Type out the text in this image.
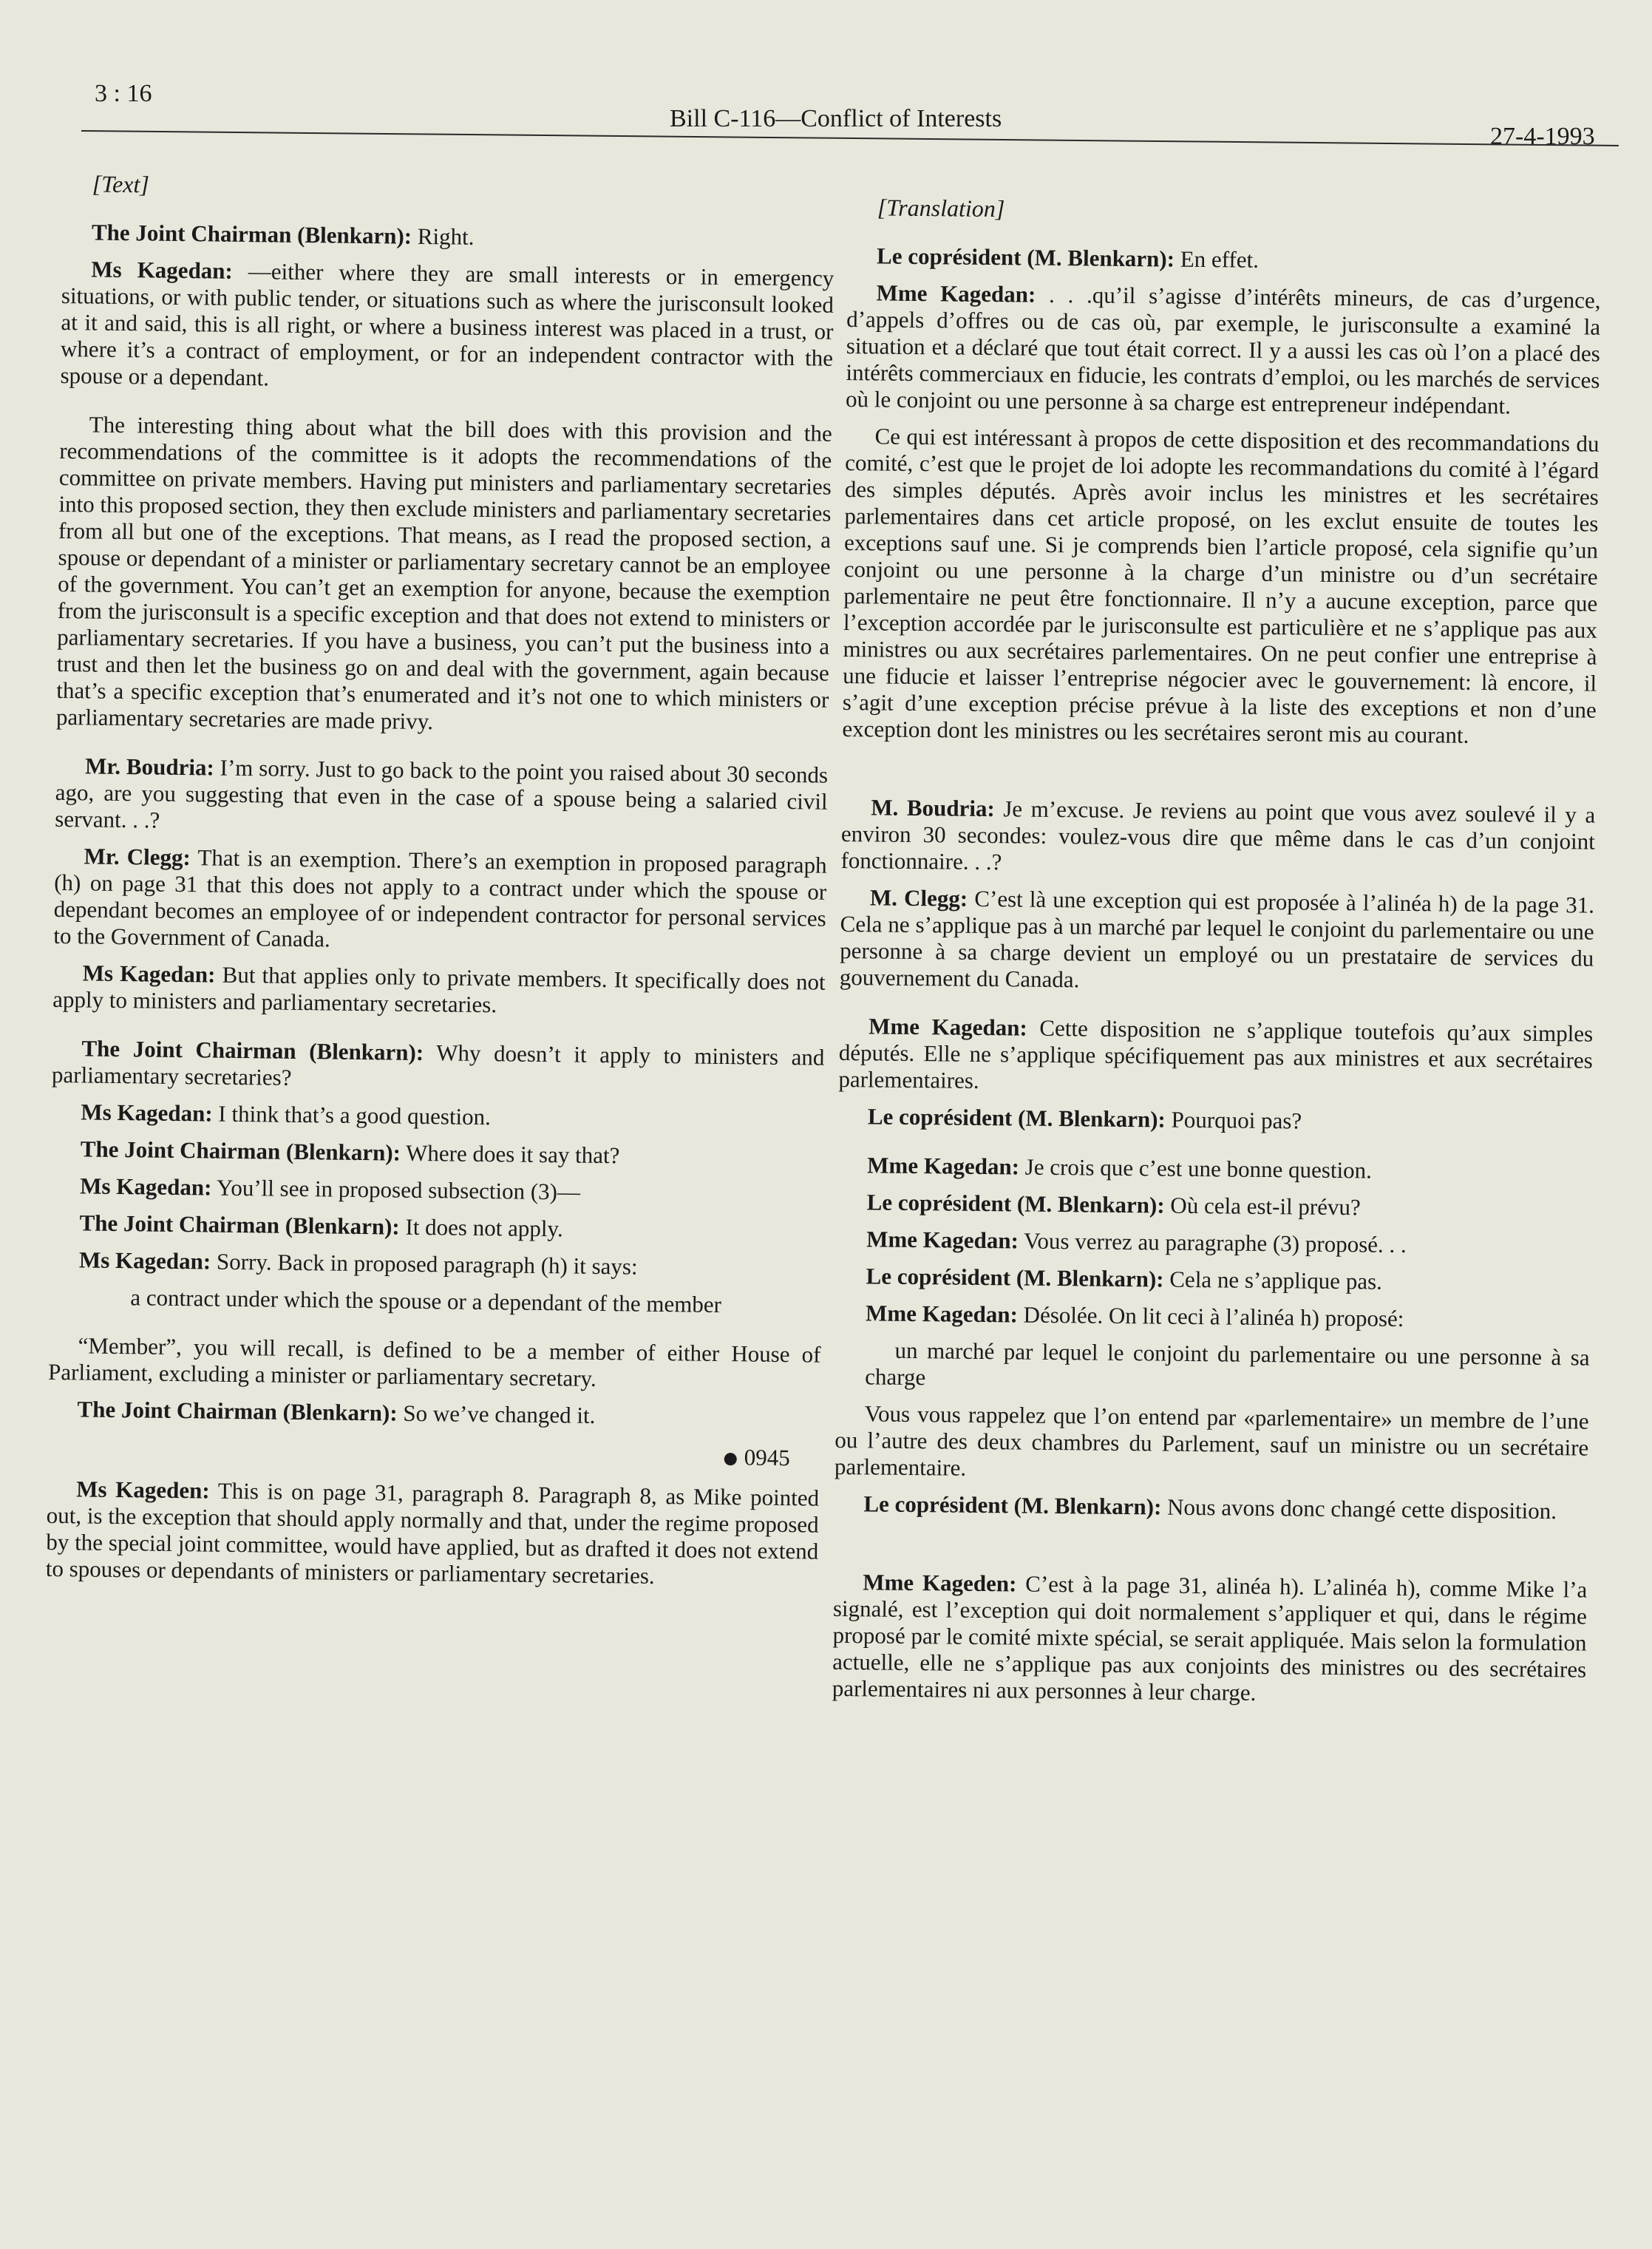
3 : 16
Bill C-116—Conflict of Interests
27-4-1993
[Text]

The Joint Chairman (Blenkarn): Right.

Ms Kagedan: —either where they are small interests or in emergency situations, or with public tender, or situations such as where the jurisconsult looked at it and said, this is all right, or where a business interest was placed in a trust, or where it’s a contract of employment, or for an independent contractor with the spouse or a dependant.

The interesting thing about what the bill does with this provision and the recommendations of the committee is it adopts the recommendations of the committee on private members. Having put ministers and parliamentary secretaries into this proposed section, they then exclude ministers and parliamentary secretaries from all but one of the exceptions. That means, as I read the proposed section, a spouse or dependant of a minister or parliamentary secretary cannot be an employee of the government. You can’t get an exemption for anyone, because the exemption from the jurisconsult is a specific exception and that does not extend to ministers or parliamentary secretaries. If you have a business, you can’t put the business into a trust and then let the business go on and deal with the government, again because that’s a specific exception that’s enumerated and it’s not one to which ministers or parliamentary secretaries are made privy.

Mr. Boudria: I’m sorry. Just to go back to the point you raised about 30 seconds ago, are you suggesting that even in the case of a spouse being a salaried civil servant. . .?

Mr. Clegg: That is an exemption. There’s an exemption in proposed paragraph (h) on page 31 that this does not apply to a contract under which the spouse or dependant becomes an employee of or independent contractor for personal services to the Government of Canada.

Ms Kagedan: But that applies only to private members. It specifically does not apply to ministers and parliamentary secretaries.

The Joint Chairman (Blenkarn): Why doesn’t it apply to ministers and parliamentary secretaries?

Ms Kagedan: I think that’s a good question.

The Joint Chairman (Blenkarn): Where does it say that?

Ms Kagedan: You’ll see in proposed subsection (3)—

The Joint Chairman (Blenkarn): It does not apply.

Ms Kagedan: Sorry. Back in proposed paragraph (h) it says:

a contract under which the spouse or a dependant of the member

“Member”, you will recall, is defined to be a member of either House of Parliament, excluding a minister or parliamentary secretary.

The Joint Chairman (Blenkarn): So we’ve changed it.

0945

Ms Kageden: This is on page 31, paragraph 8. Paragraph 8, as Mike pointed out, is the exception that should apply normally and that, under the regime proposed by the special joint committee, would have applied, but as drafted it does not extend to spouses or dependants of ministers or parliamentary secretaries.

[Translation]

Le coprésident (M. Blenkarn): En effet.

Mme Kagedan: . . .qu’il s’agisse d’intérêts mineurs, de cas d’urgence, d’appels d’offres ou de cas où, par exemple, le jurisconsulte a examiné la situation et a déclaré que tout était correct. Il y a aussi les cas où l’on a placé des intérêts commerciaux en fiducie, les contrats d’emploi, ou les marchés de services où le conjoint ou une personne à sa charge est entrepreneur indépendant.

Ce qui est intéressant à propos de cette disposition et des recommandations du comité, c’est que le projet de loi adopte les recommandations du comité à l’égard des simples députés. Après avoir inclus les ministres et les secrétaires parlementaires dans cet article proposé, on les exclut ensuite de toutes les exceptions sauf une. Si je comprends bien l’article proposé, cela signifie qu’un conjoint ou une personne à la charge d’un ministre ou d’un secrétaire parlementaire ne peut être fonctionnaire. Il n’y a aucune exception, parce que l’exception accordée par le jurisconsulte est particulière et ne s’applique pas aux ministres ou aux secrétaires parlementaires. On ne peut confier une entreprise à une fiducie et laisser l’entreprise négocier avec le gouvernement: là encore, il s’agit d’une exception précise prévue à la liste des exceptions et non d’une exception dont les ministres ou les secrétaires seront mis au courant.

M. Boudria: Je m’excuse. Je reviens au point que vous avez soulevé il y a environ 30 secondes: voulez-vous dire que même dans le cas d’un conjoint fonctionnaire. . .?

M. Clegg: C’est là une exception qui est proposée à l’alinéa h) de la page 31. Cela ne s’applique pas à un marché par lequel le conjoint du parlementaire ou une personne à sa charge devient un employé ou un prestataire de services du gouvernement du Canada.

Mme Kagedan: Cette disposition ne s’applique toutefois qu’aux simples députés. Elle ne s’applique spécifiquement pas aux ministres et aux secrétaires parlementaires.

Le coprésident (M. Blenkarn): Pourquoi pas?

Mme Kagedan: Je crois que c’est une bonne question.

Le coprésident (M. Blenkarn): Où cela est-il prévu?

Mme Kagedan: Vous verrez au paragraphe (3) proposé. . .

Le coprésident (M. Blenkarn): Cela ne s’applique pas.

Mme Kagedan: Désolée. On lit ceci à l’alinéa h) proposé:

un marché par lequel le conjoint du parlementaire ou une personne à sa charge

Vous vous rappelez que l’on entend par «parlementaire» un membre de l’une ou l’autre des deux chambres du Parlement, sauf un ministre ou un secrétaire parlementaire.

Le coprésident (M. Blenkarn): Nous avons donc changé cette disposition.

Mme Kageden: C’est à la page 31, alinéa h). L’alinéa h), comme Mike l’a signalé, est l’exception qui doit normalement s’appliquer et qui, dans le régime proposé par le comité mixte spécial, se serait appliquée. Mais selon la formulation actuelle, elle ne s’applique pas aux conjoints des ministres ou des secrétaires parlementaires ni aux personnes à leur charge.
